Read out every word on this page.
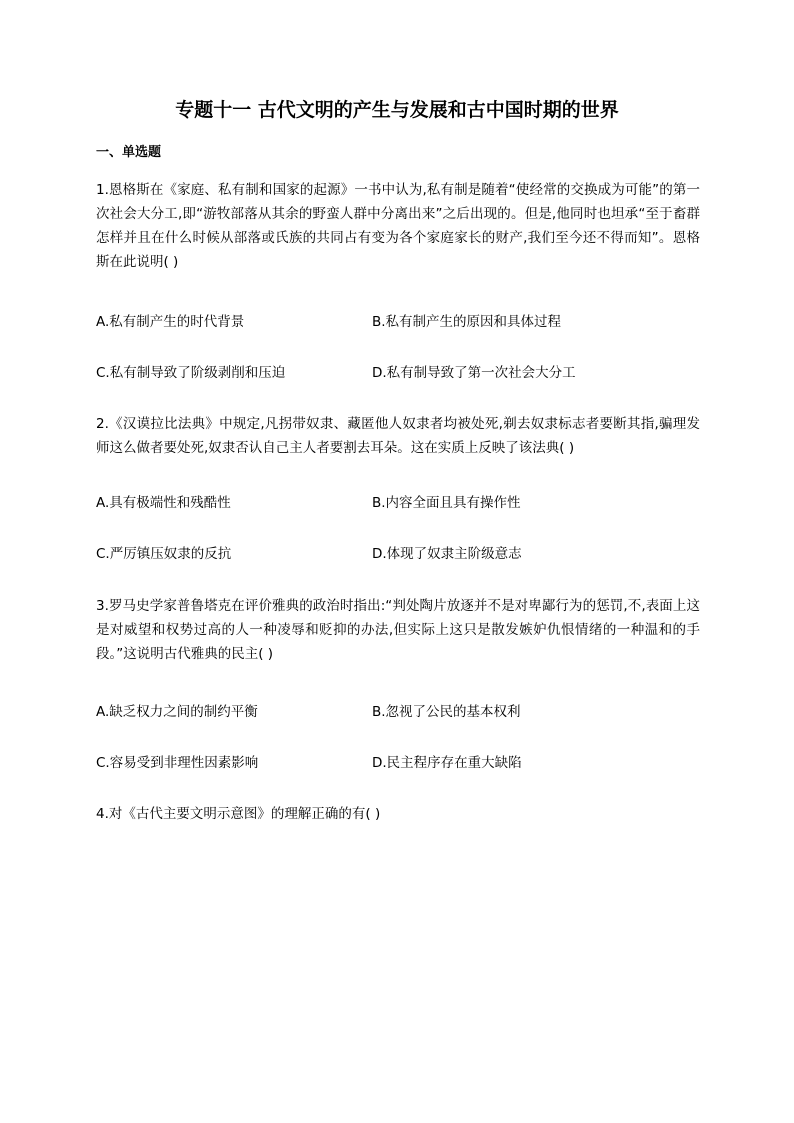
专题十一 古代文明的产生与发展和古中国时期的世界
一、单选题
1.恩格斯在《家庭、私有制和国家的起源》一书中认为,私有制是随着“使经常的交换成为可能”的第一次社会大分工,即“游牧部落从其余的野蛮人群中分离出来”之后出现的。但是,他同时也坦承“至于畜群怎样并且在什么时候从部落或氏族的共同占有变为各个家庭家长的财产,我们至今还不得而知”。恩格斯在此说明( )
A.私有制产生的时代背景	B.私有制产生的原因和具体过程
C.私有制导致了阶级剥削和压迫	D.私有制导致了第一次社会大分工
2.《汉谟拉比法典》中规定,凡拐带奴隶、藏匿他人奴隶者均被处死,剃去奴隶标志者要断其指,骗理发师这么做者要处死,奴隶否认自己主人者要割去耳朵。这在实质上反映了该法典( )
A.具有极端性和残酷性	B.内容全面且具有操作性
C.严厉镇压奴隶的反抗	D.体现了奴隶主阶级意志
3.罗马史学家普鲁塔克在评价雅典的政治时指出:“判处陶片放逐并不是对卑鄙行为的惩罚,不,表面上这是对威望和权势过高的人一种凌辱和贬抑的办法,但实际上这只是散发嫉妒仇恨情绪的一种温和的手段。”这说明古代雅典的民主( )
A.缺乏权力之间的制约平衡	B.忽视了公民的基本权利
C.容易受到非理性因素影响	D.民主程序存在重大缺陷
4.对《古代主要文明示意图》的理解正确的有( )
